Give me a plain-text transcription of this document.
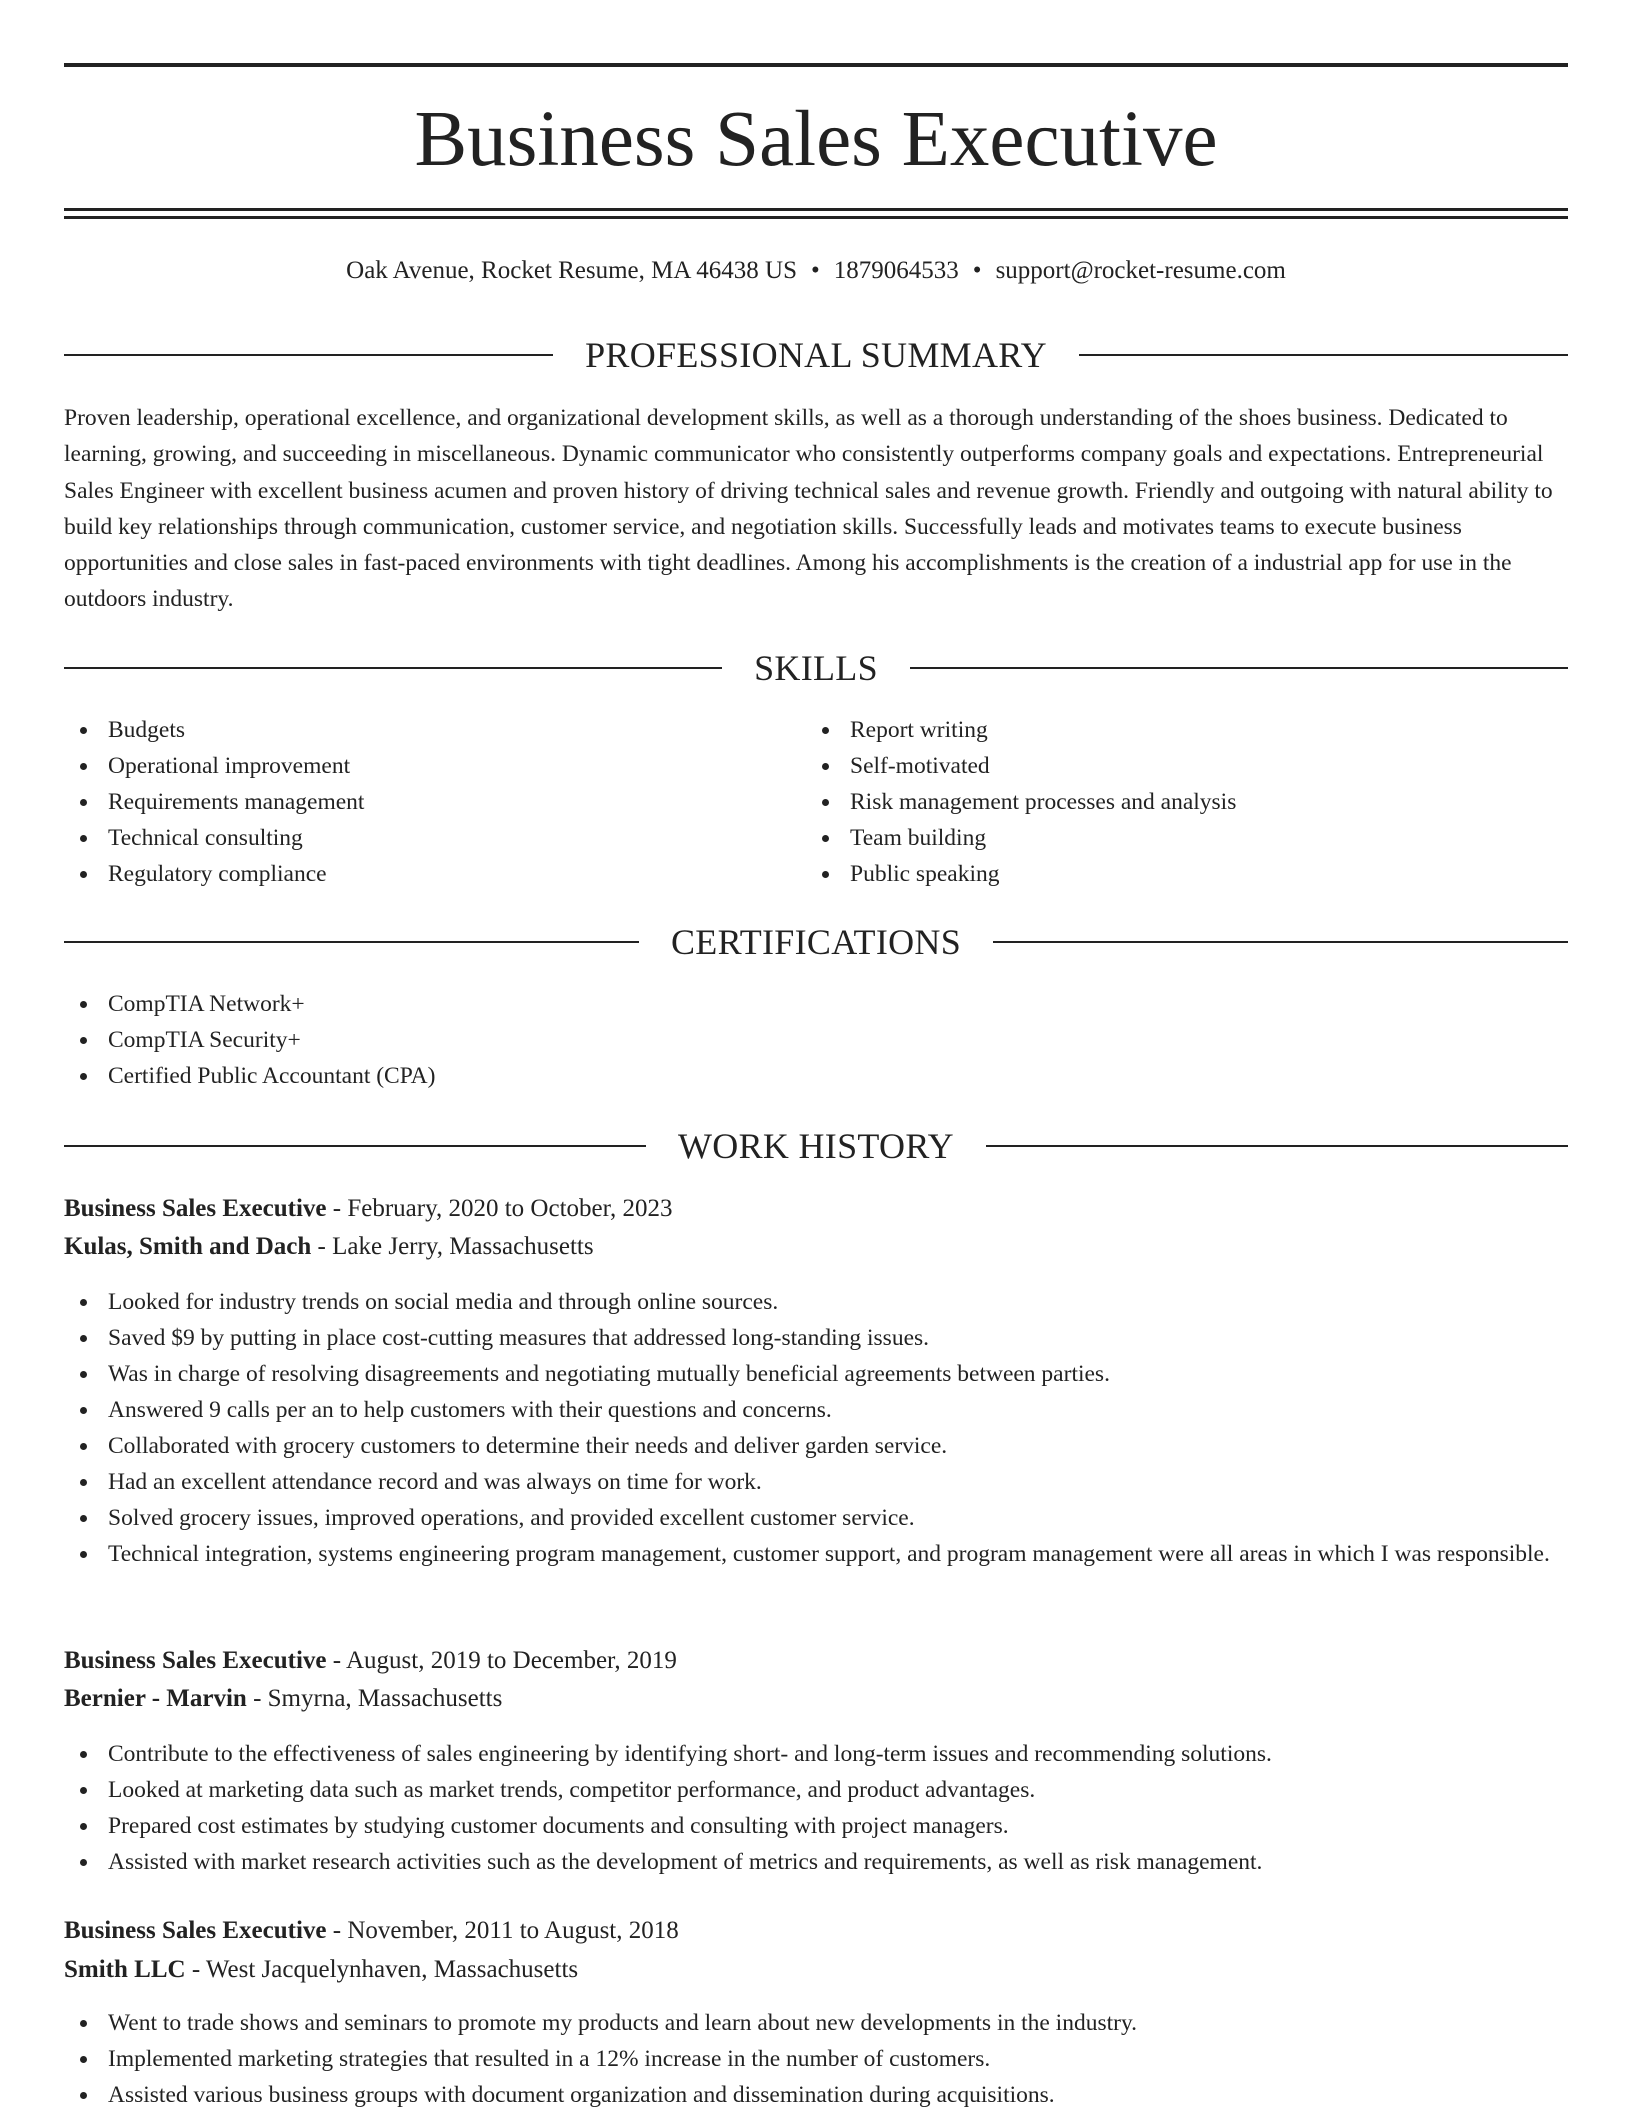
Business Sales Executive
Oak Avenue, Rocket Resume, MA 46438 US • 1879064533 • support@rocket-resume.com
PROFESSIONAL SUMMARY

Proven leadership, operational excellence, and organizational development skills, as well as a thorough understanding of the shoes business. Dedicated to learning, growing, and succeeding in miscellaneous. Dynamic communicator who consistently outperforms company goals and expectations. Entrepreneurial Sales Engineer with excellent business acumen and proven history of driving technical sales and revenue growth. Friendly and outgoing with natural ability to build key relationships through communication, customer service, and negotiation skills. Successfully leads and motivates teams to execute business opportunities and close sales in fast-paced environments with tight deadlines. Among his accomplishments is the creation of a industrial app for use in the outdoors industry.

SKILLS
Budgets
Operational improvement
Requirements management
Technical consulting
Regulatory compliance
Report writing
Self-motivated
Risk management processes and analysis
Team building
Public speaking
CERTIFICATIONS
CompTIA Network+
CompTIA Security+
Certified Public Accountant (CPA)
WORK HISTORY
Business Sales Executive - February, 2020 to October, 2023
Kulas, Smith and Dach - Lake Jerry, Massachusetts
Looked for industry trends on social media and through online sources.
Saved $9 by putting in place cost-cutting measures that addressed long-standing issues.
Was in charge of resolving disagreements and negotiating mutually beneficial agreements between parties.
Answered 9 calls per an to help customers with their questions and concerns.
Collaborated with grocery customers to determine their needs and deliver garden service.
Had an excellent attendance record and was always on time for work.
Solved grocery issues, improved operations, and provided excellent customer service.
Technical integration, systems engineering program management, customer support, and program management were all areas in which I was responsible.
Business Sales Executive - August, 2019 to December, 2019
Bernier - Marvin - Smyrna, Massachusetts
Contribute to the effectiveness of sales engineering by identifying short- and long-term issues and recommending solutions.
Looked at marketing data such as market trends, competitor performance, and product advantages.
Prepared cost estimates by studying customer documents and consulting with project managers.
Assisted with market research activities such as the development of metrics and requirements, as well as risk management.
Business Sales Executive - November, 2011 to August, 2018
Smith LLC - West Jacquelynhaven, Massachusetts
Went to trade shows and seminars to promote my products and learn about new developments in the industry.
Implemented marketing strategies that resulted in a 12% increase in the number of customers.
Assisted various business groups with document organization and dissemination during acquisitions.
